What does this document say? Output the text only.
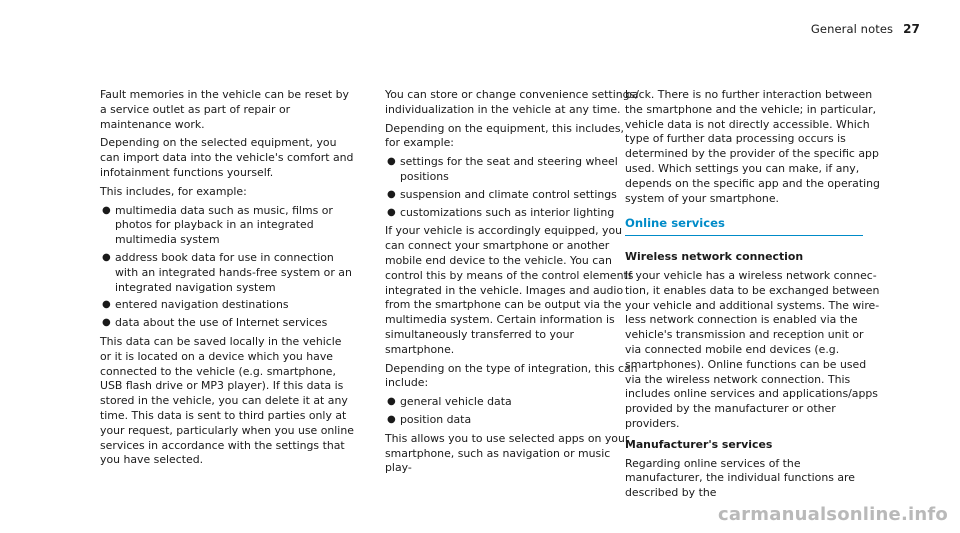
General notes 27

Fault memories in the vehicle can be reset by a service outlet as part of repair or maintenance work.

Depending on the selected equipment, you can import data into the vehicle's comfort and infotainment functions yourself.

This includes, for example:

● multimedia data such as music, films or photos for playback in an integrated multimedia system
● address book data for use in connection with an integrated hands-free system or an integrated navigation system
● entered navigation destinations
● data about the use of Internet services

This data can be saved locally in the vehicle or it is located on a device which you have connected to the vehicle (e.g. smartphone, USB flash drive or MP3 player). If this data is stored in the vehicle, you can delete it at any time. This data is sent to third parties only at your request, particularly when you use online services in accordance with the settings that you have selected.

You can store or change convenience settings/ individualization in the vehicle at any time.

Depending on the equipment, this includes, for example:

● settings for the seat and steering wheel positions
● suspension and climate control settings
● customizations such as interior lighting

If your vehicle is accordingly equipped, you can connect your smartphone or another mobile end device to the vehicle. You can control this by means of the control elements integrated in the vehicle. Images and audio from the smartphone can be output via the multimedia system. Certain information is simultaneously transferred to your smartphone.

Depending on the type of integration, this can include:

● general vehicle data
● position data

This allows you to use selected apps on your smartphone, such as navigation or music play-

back. There is no further interaction between the smartphone and the vehicle; in particular, vehicle data is not directly accessible. Which type of further data processing occurs is determined by the provider of the specific app used. Which settings you can make, if any, depends on the specific app and the operating system of your smartphone.

Online services

Wireless network connection

If your vehicle has a wireless network connection, it enables data to be exchanged between your vehicle and additional systems. The wireless network connection is enabled via the vehicle's transmission and reception unit or via connected mobile end devices (e.g. smartphones). Online functions can be used via the wireless network connection. This includes online services and applications/apps provided by the manufacturer or other providers.

Manufacturer's services

Regarding online services of the manufacturer, the individual functions are described by the

carmanualsonline.info
